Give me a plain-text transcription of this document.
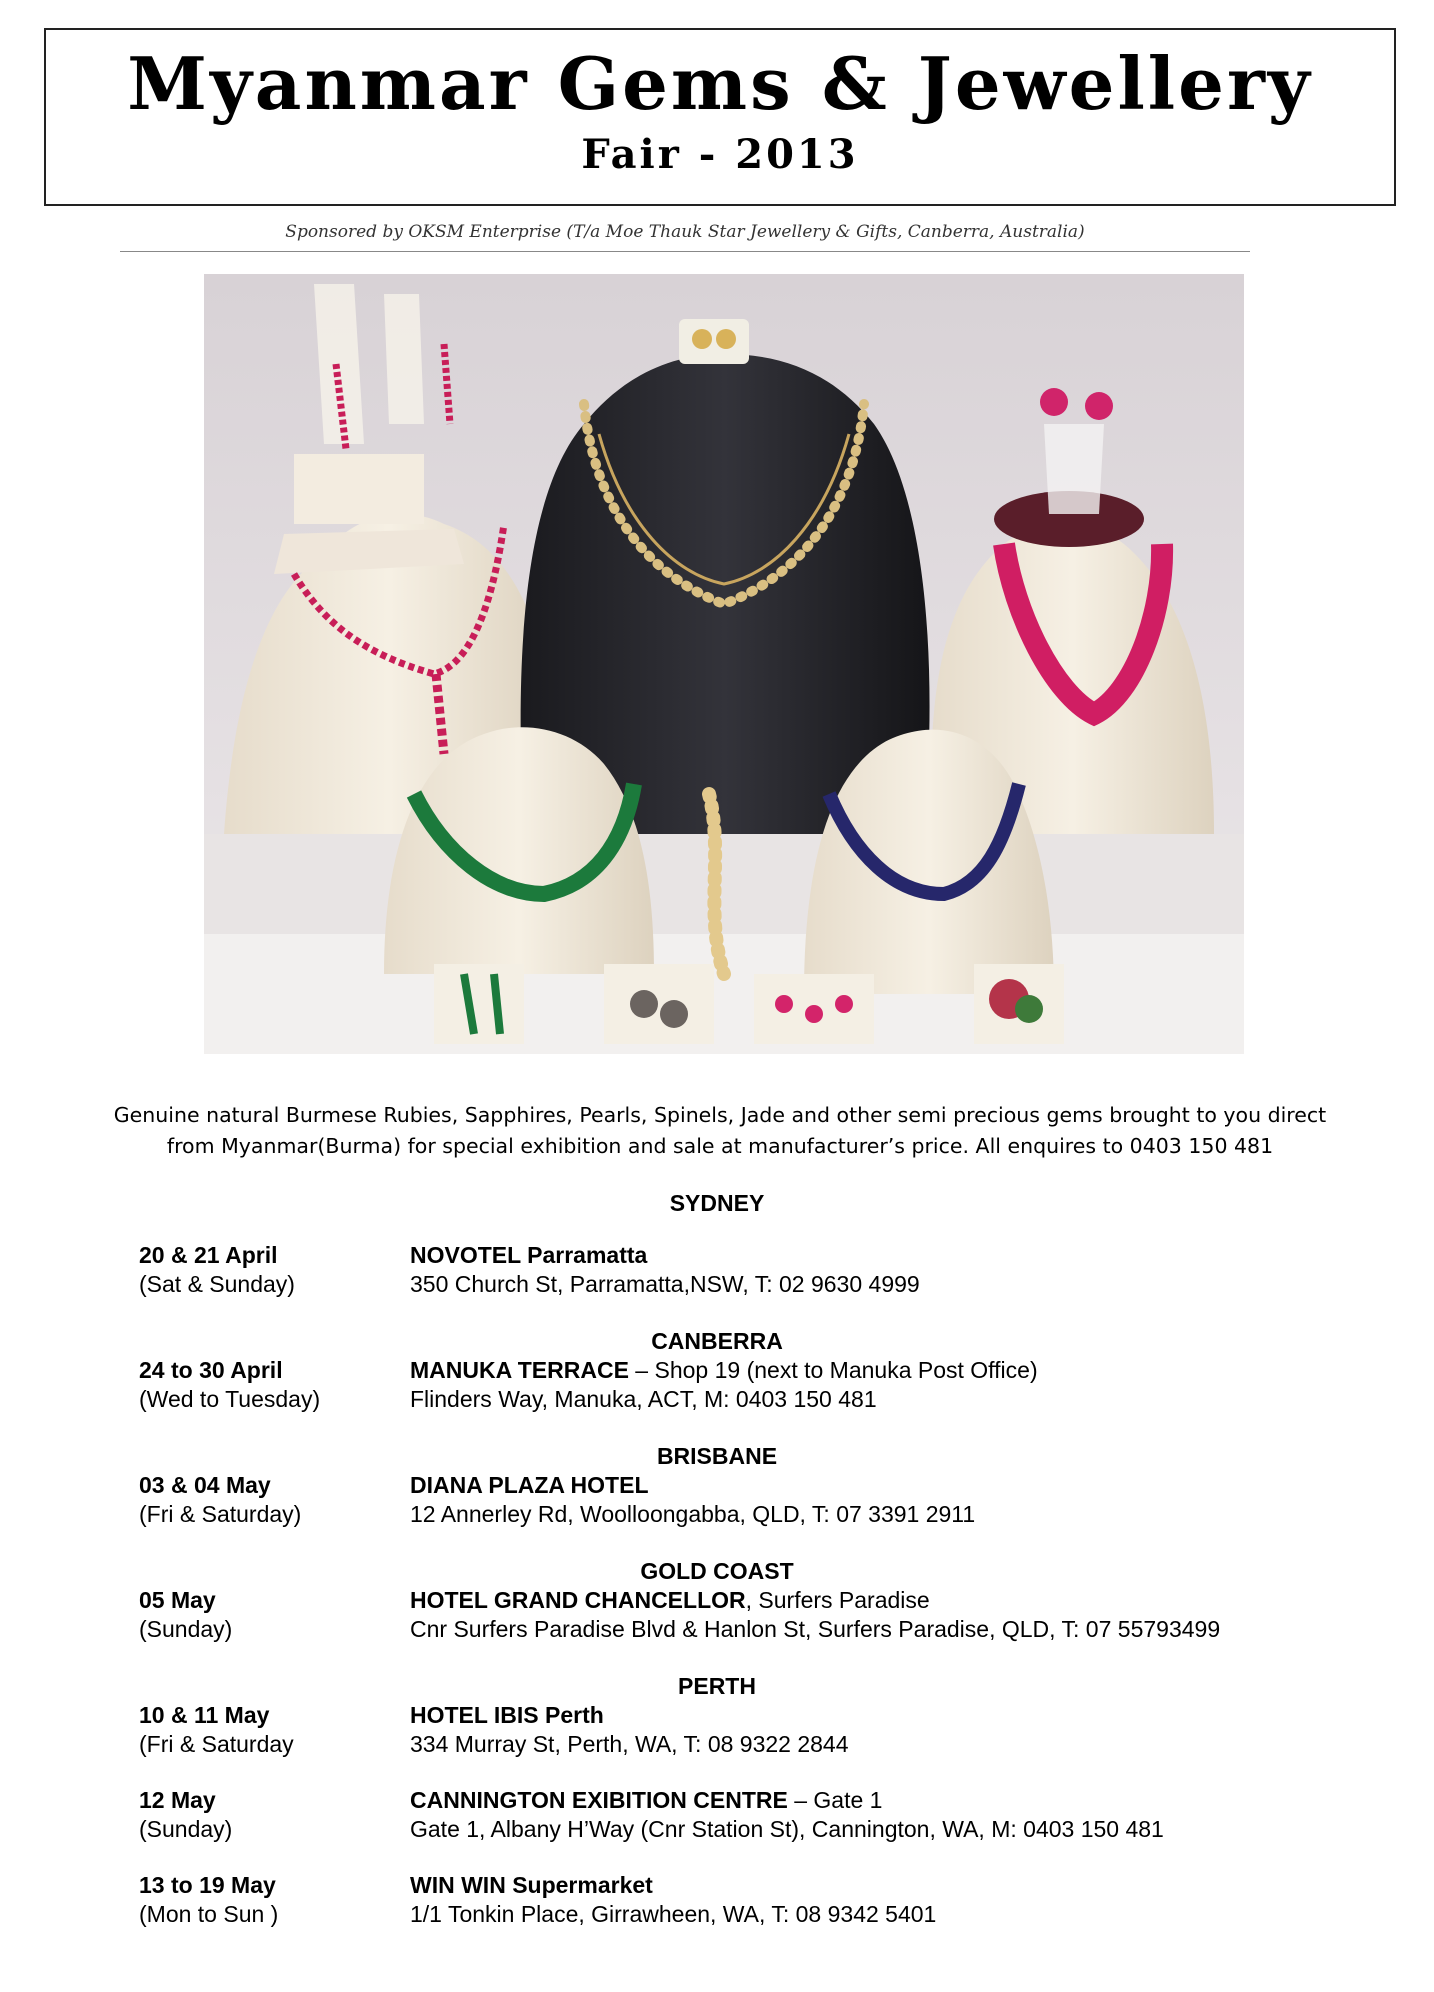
Myanmar Gems & Jewellery
Fair - 2013
Sponsored by OKSM Enterprise (T/a Moe Thauk Star Jewellery & Gifts, Canberra, Australia)
Genuine natural Burmese Rubies, Sapphires, Pearls, Spinels, Jade and other semi precious gems brought to you direct
from Myanmar(Burma) for special exhibition and sale at manufacturer’s price. All enquires to 0403 150 481
SYDNEY
20 & 21 April
(Sat & Sunday)
NOVOTEL Parramatta
350 Church St, Parramatta,NSW, T: 02 9630 4999
CANBERRA
24 to 30 April
(Wed to Tuesday)
MANUKA TERRACE – Shop 19 (next to Manuka Post Office)
Flinders Way, Manuka, ACT, M: 0403 150 481
BRISBANE
03 & 04 May
(Fri & Saturday)
DIANA PLAZA HOTEL
12 Annerley Rd, Woolloongabba, QLD, T: 07 3391 2911
GOLD COAST
05 May
(Sunday)
HOTEL GRAND CHANCELLOR, Surfers Paradise
Cnr Surfers Paradise Blvd & Hanlon St, Surfers Paradise, QLD, T: 07 55793499
PERTH
10 & 11 May
(Fri & Saturday
HOTEL IBIS Perth
334 Murray St, Perth, WA, T: 08 9322 2844
12 May
(Sunday)
CANNINGTON EXIBITION CENTRE – Gate 1
Gate 1, Albany H’Way (Cnr Station St), Cannington, WA, M: 0403 150 481
13 to 19 May
(Mon to Sun )
WIN WIN Supermarket
1/1 Tonkin Place, Girrawheen, WA, T: 08 9342 5401
